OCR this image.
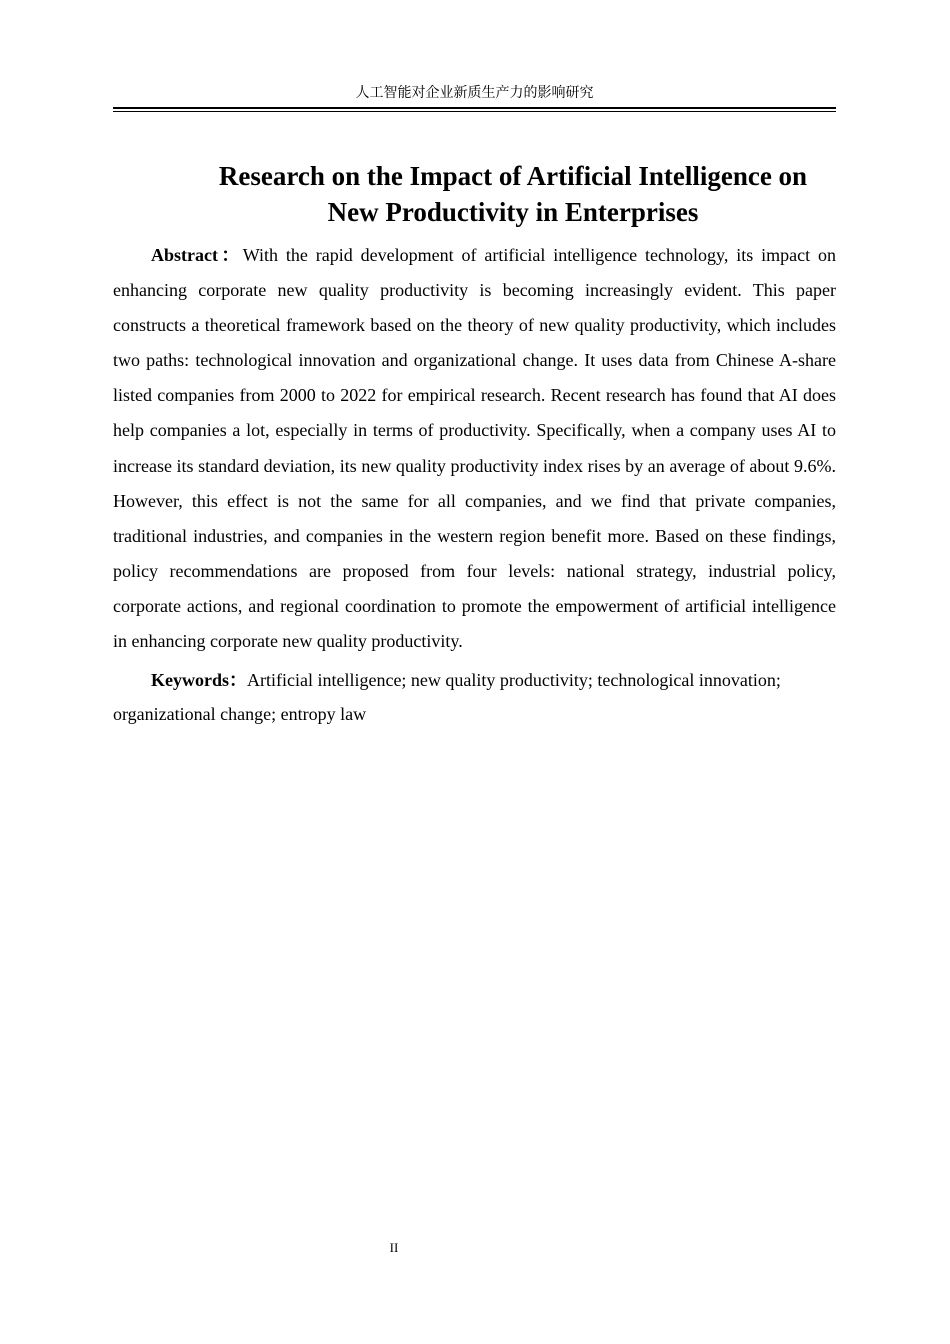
人工智能对企业新质生产力的影响研究
Research on the Impact of Artificial Intelligence on
New Productivity in Enterprises

Abstract：With the rapid development of artificial intelligence technology, its impact on enhancing corporate new quality productivity is becoming increasingly evident. This paper constructs a theoretical framework based on the theory of new quality productivity, which includes two paths: technological innovation and organizational change. It uses data from Chinese A-share listed companies from 2000 to 2022 for empirical research. Recent research has found that AI does help companies a lot, especially in terms of productivity. Specifically, when a company uses AI to increase its standard deviation, its new quality productivity index rises by an average of about 9.6%. However, this effect is not the same for all companies, and we find that private companies, traditional industries, and companies in the western region benefit more. Based on these findings, policy recommendations are proposed from four levels: national strategy, industrial policy, corporate actions, and regional coordination to promote the empowerment of artificial intelligence in enhancing corporate new quality productivity.

Keywords：Artificial intelligence; new quality productivity; technological innovation; organizational change; entropy law

II
